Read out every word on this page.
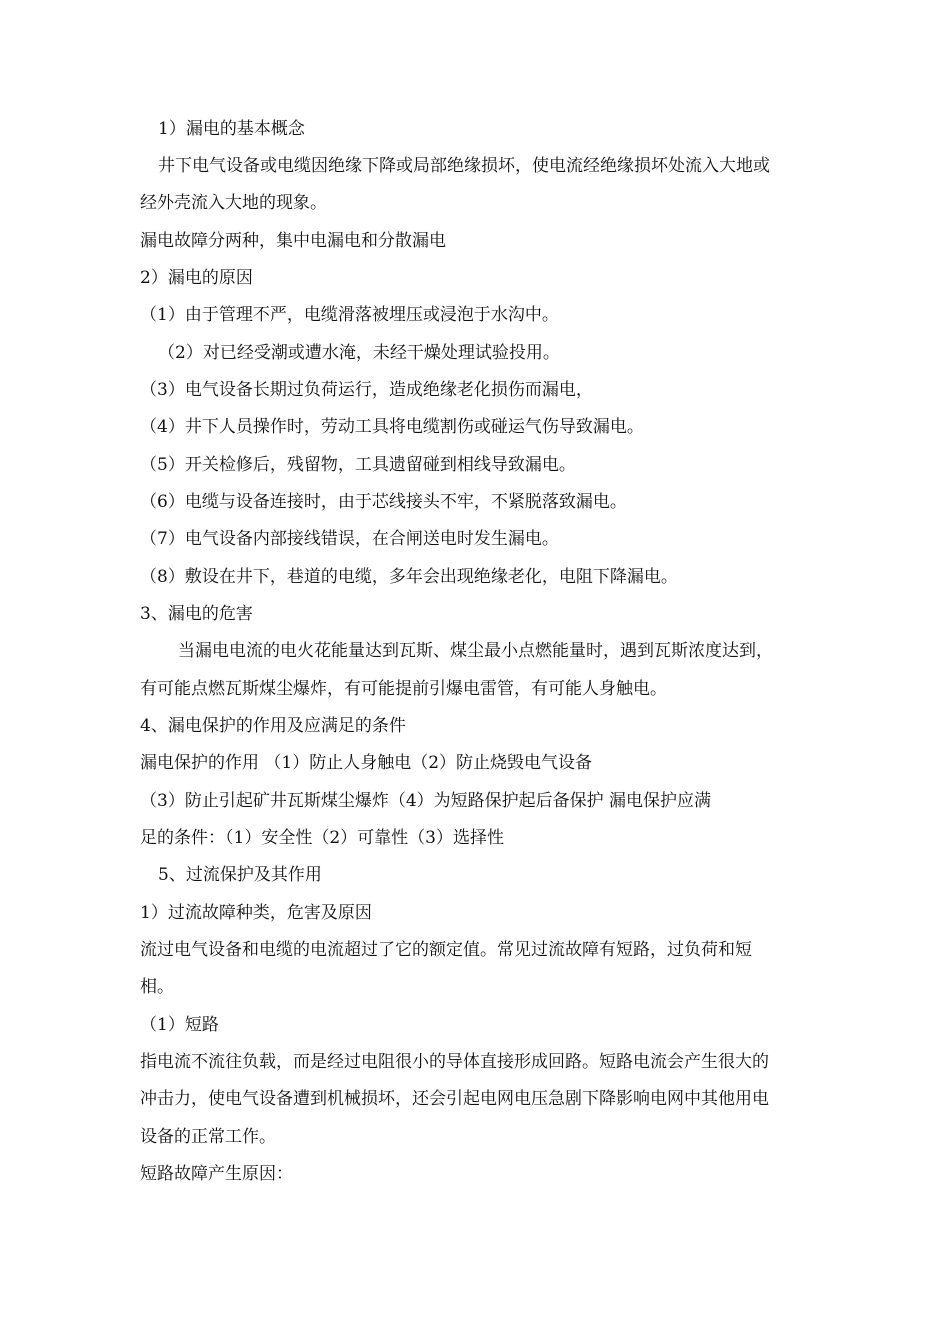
1）漏电的基本概念

井下电气设备或电缆因绝缘下降或局部绝缘损坏，使电流经绝缘损坏处流入大地或

经外壳流入大地的现象。

漏电故障分两种，集中电漏电和分散漏电

2）漏电的原因

（1）由于管理不严，电缆滑落被埋压或浸泡于水沟中。

（2）对已经受潮或遭水淹，未经干燥处理试验投用。

（3）电气设备长期过负荷运行，造成绝缘老化损伤而漏电，

（4）井下人员操作时，劳动工具将电缆割伤或碰运气伤导致漏电。

（5）开关检修后，残留物，工具遗留碰到相线导致漏电。

（6）电缆与设备连接时，由于芯线接头不牢，不紧脱落致漏电。

（7）电气设备内部接线错误，在合闸送电时发生漏电。

（8）敷设在井下，巷道的电缆，多年会出现绝缘老化，电阻下降漏电。

3、漏电的危害

当漏电电流的电火花能量达到瓦斯、煤尘最小点燃能量时，遇到瓦斯浓度达到，

有可能点燃瓦斯煤尘爆炸，有可能提前引爆电雷管，有可能人身触电。

4、漏电保护的作用及应满足的条件

漏电保护的作用 （1）防止人身触电（2）防止烧毁电气设备

（3）防止引起矿井瓦斯煤尘爆炸（4）为短路保护起后备保护 漏电保护应满

足的条件：（1）安全性（2）可靠性（3）选择性

5、过流保护及其作用

1）过流故障种类，危害及原因

流过电气设备和电缆的电流超过了它的额定值。常见过流故障有短路，过负荷和短

相。

（1）短路

指电流不流往负载，而是经过电阻很小的导体直接形成回路。短路电流会产生很大的

冲击力，使电气设备遭到机械损坏，还会引起电网电压急剧下降影响电网中其他用电

设备的正常工作。

短路故障产生原因：
